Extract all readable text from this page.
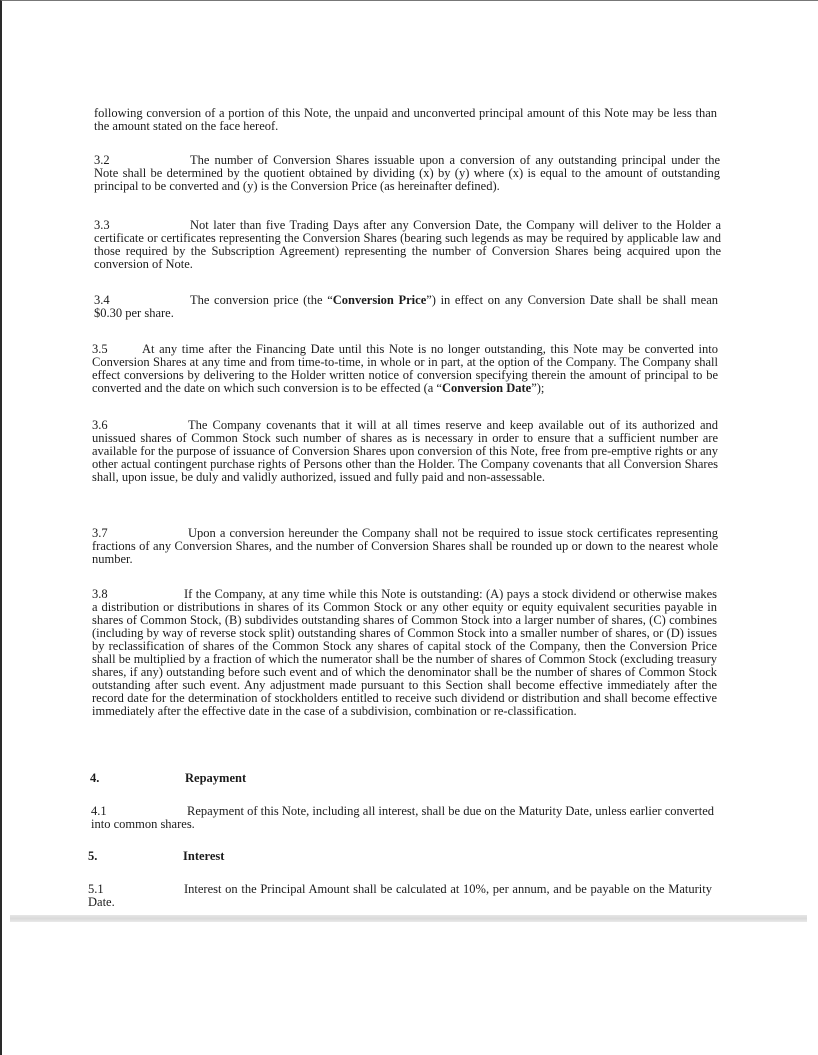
following conversion of a portion of this Note, the unpaid and unconverted principal amount of this Note may be less than the amount stated on the face hereof.

3.2	The number of Conversion Shares issuable upon a conversion of any outstanding principal under the Note shall be determined by the quotient obtained by dividing (x) by (y) where (x) is equal to the amount of outstanding principal to be converted and (y) is the Conversion Price (as hereinafter defined).

3.3	Not later than five Trading Days after any Conversion Date, the Company will deliver to the Holder a certificate or certificates representing the Conversion Shares (bearing such legends as may be required by applicable law and those required by the Subscription Agreement) representing the number of Conversion Shares being acquired upon the conversion of Note.

3.4	The conversion price (the “Conversion Price”) in effect on any Conversion Date shall be shall mean $0.30 per share.

3.5	At any time after the Financing Date until this Note is no longer outstanding, this Note may be converted into Conversion Shares at any time and from time-to-time, in whole or in part, at the option of the Company. The Company shall effect conversions by delivering to the Holder written notice of conversion specifying therein the amount of principal to be converted and the date on which such conversion is to be effected (a “Conversion Date”);

3.6	The Company covenants that it will at all times reserve and keep available out of its authorized and unissued shares of Common Stock such number of shares as is necessary in order to ensure that a sufficient number are available for the purpose of issuance of Conversion Shares upon conversion of this Note, free from pre-emptive rights or any other actual contingent purchase rights of Persons other than the Holder. The Company covenants that all Conversion Shares shall, upon issue, be duly and validly authorized, issued and fully paid and non-assessable.

3.7	Upon a conversion hereunder the Company shall not be required to issue stock certificates representing fractions of any Conversion Shares, and the number of Conversion Shares shall be rounded up or down to the nearest whole number.

3.8	If the Company, at any time while this Note is outstanding: (A) pays a stock dividend or otherwise makes a distribution or distributions in shares of its Common Stock or any other equity or equity equivalent securities payable in shares of Common Stock, (B) subdivides outstanding shares of Common Stock into a larger number of shares, (C) combines (including by way of reverse stock split) outstanding shares of Common Stock into a smaller number of shares, or (D) issues by reclassification of shares of the Common Stock any shares of capital stock of the Company, then the Conversion Price shall be multiplied by a fraction of which the numerator shall be the number of shares of Common Stock (excluding treasury shares, if any) outstanding before such event and of which the denominator shall be the number of shares of Common Stock outstanding after such event. Any adjustment made pursuant to this Section shall become effective immediately after the record date for the determination of stockholders entitled to receive such dividend or distribution and shall become effective immediately after the effective date in the case of a subdivision, combination or re-classification.

4.	Repayment

4.1	Repayment of this Note, including all interest, shall be due on the Maturity Date, unless earlier converted into common shares.

5.	Interest

5.1	Interest on the Principal Amount shall be calculated at 10%, per annum, and be payable on the Maturity Date.
